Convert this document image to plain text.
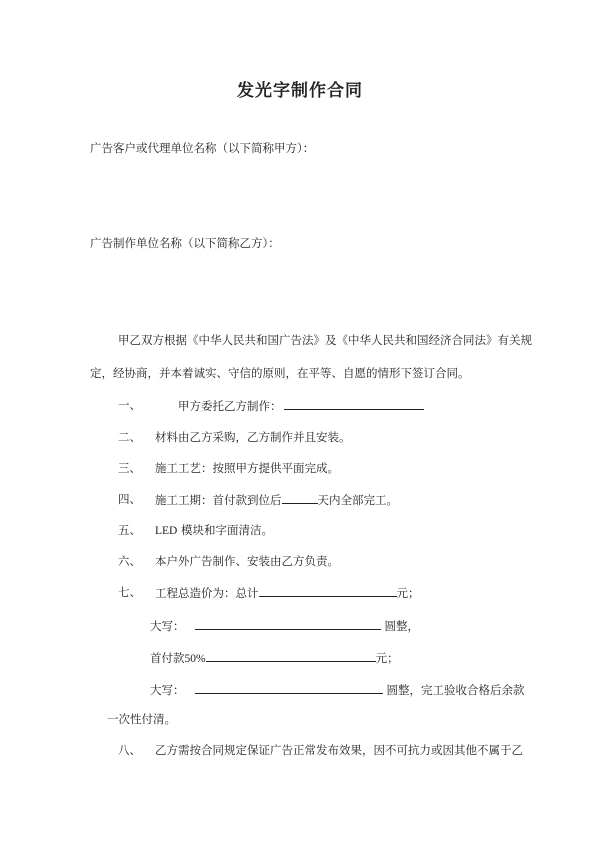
发光字制作合同
广告客户或代理单位名称（以下简称甲方）：
广告制作单位名称（以下简称乙方）：
甲乙双方根据《中华人民共和国广告法》及《中华人民共和国经济合同法》有关规
定，经协商，并本着诚实、守信的原则，在平等、自愿的情形下签订合同。
一、	甲方委托乙方制作：
二、 材料由乙方采购，乙方制作并且安装。
三、 施工工艺：按照甲方提供平面完成。
四、 施工工期：首付款到位后	天内全部完工。
五、 LED 模块和字面清洁。
六、 本户外广告制作、安装由乙方负责。
七、 工程总造价为：总计	元；
大写：	圆整，
首付款50%	元；
大写：	圆整，完工验收合格后余款
一次性付清。
八、 乙方需按合同规定保证广告正常发布效果，因不可抗力或因其他不属于乙
